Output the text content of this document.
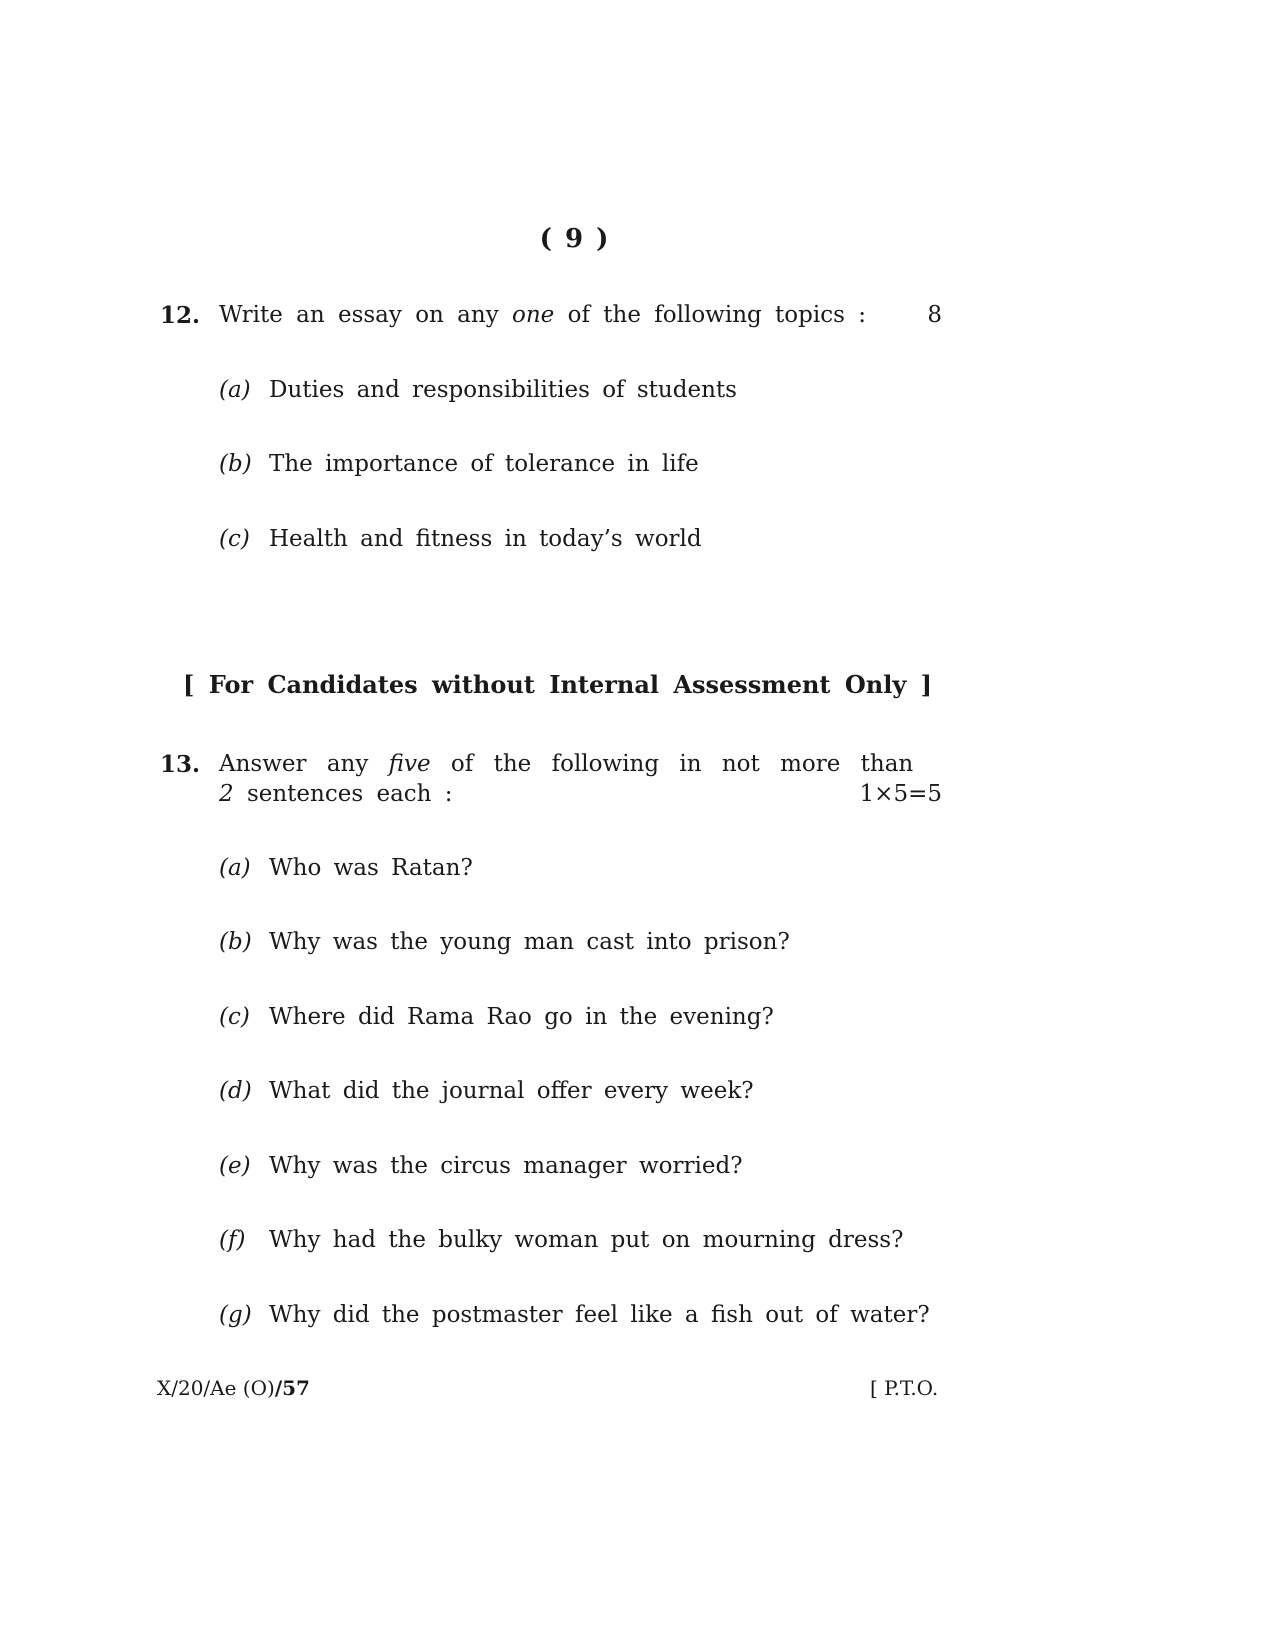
( 9 )
12. Write an essay on any one of the following topics :	8
(a) Duties and responsibilities of students
(b) The importance of tolerance in life
(c) Health and fitness in today’s world
[ For Candidates without Internal Assessment Only ]
13. Answer any five of the following in not more than
2 sentences each :	1×5=5
(a) Who was Ratan?
(b) Why was the young man cast into prison?
(c) Where did Rama Rao go in the evening?
(d) What did the journal offer every week?
(e) Why was the circus manager worried?
(f) Why had the bulky woman put on mourning dress?
(g) Why did the postmaster feel like a fish out of water?
X/20/Ae (O)/57	[ P.T.O.
